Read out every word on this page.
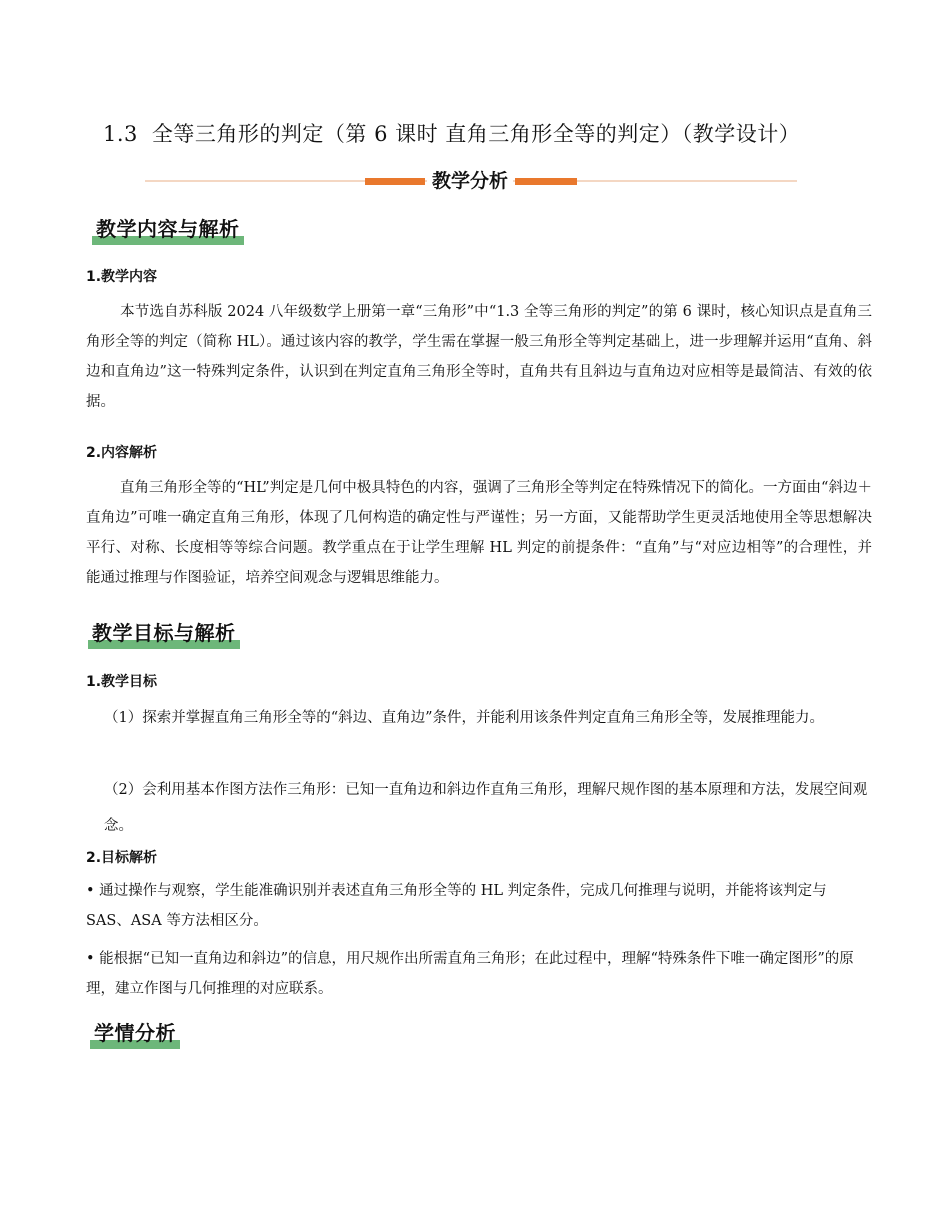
1.3 全等三角形的判定（第 6 课时 直角三角形全等的判定）（教学设计）
教学分析
教学内容与解析
1.教学内容
本节选自苏科版 2024 八年级数学上册第一章“三角形”中“1.3 全等三角形的判定”的第 6 课时，核心知识点是直角三角形全等的判定（简称 HL）。通过该内容的教学，学生需在掌握一般三角形全等判定基础上，进一步理解并运用“直角、斜边和直角边”这一特殊判定条件，认识到在判定直角三角形全等时，直角共有且斜边与直角边对应相等是最简洁、有效的依据。
2.内容解析
直角三角形全等的“HL”判定是几何中极具特色的内容，强调了三角形全等判定在特殊情况下的简化。一方面由“斜边＋直角边”可唯一确定直角三角形，体现了几何构造的确定性与严谨性；另一方面，又能帮助学生更灵活地使用全等思想解决平行、对称、长度相等等综合问题。教学重点在于让学生理解 HL 判定的前提条件：“直角”与“对应边相等”的合理性，并能通过推理与作图验证，培养空间观念与逻辑思维能力。
教学目标与解析
1.教学目标
（1）探索并掌握直角三角形全等的“斜边、直角边”条件，并能利用该条件判定直角三角形全等，发展推理能力。
（2）会利用基本作图方法作三角形：已知一直角边和斜边作直角三角形，理解尺规作图的基本原理和方法，发展空间观念。
2.目标解析
• 通过操作与观察，学生能准确识别并表述直角三角形全等的 HL 判定条件，完成几何推理与说明，并能将该判定与 SAS、ASA 等方法相区分。
• 能根据“已知一直角边和斜边”的信息，用尺规作出所需直角三角形；在此过程中，理解“特殊条件下唯一确定图形”的原理，建立作图与几何推理的对应联系。
学情分析
